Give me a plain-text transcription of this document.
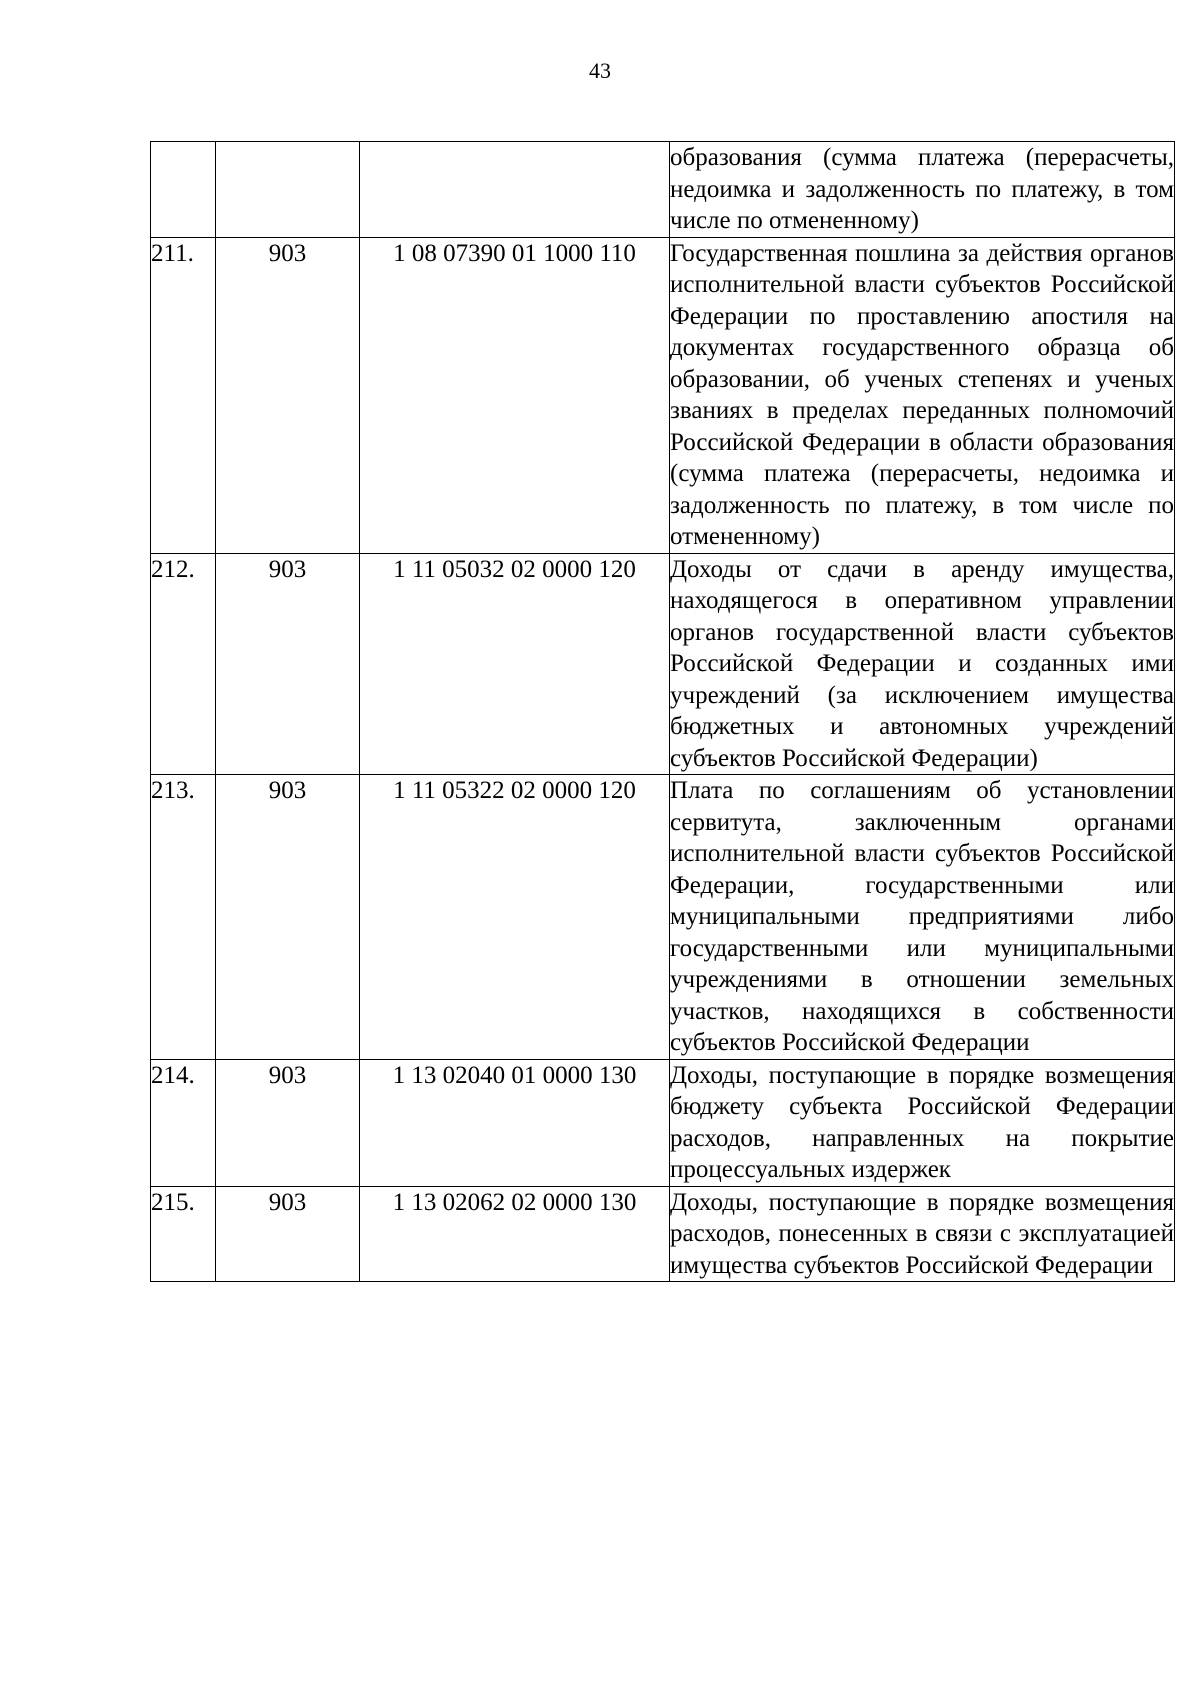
43
			образования (сумма платежа (перерасчеты, недоимка и задолженность по платежу, в том числе по отмененному)
211.	903	1 08 07390 01 1000 110	Государственная пошлина за действия органов исполнительной власти субъектов Российской Федерации по проставлению апостиля на документах государственного образца об образовании, об ученых степенях и ученых званиях в пределах переданных полномочий Российской Федерации в области образования (сумма платежа (перерасчеты, недоимка и задолженность по платежу, в том числе по отмененному)
212.	903	1 11 05032 02 0000 120	Доходы от сдачи в аренду имущества, находящегося в оперативном управлении органов государственной власти субъектов Российской Федерации и созданных ими учреждений (за исключением имущества бюджетных и автономных учреждений субъектов Российской Федерации)
213.	903	1 11 05322 02 0000 120	Плата по соглашениям об установлении сервитута, заключенным органами исполнительной власти субъектов Российской Федерации, государственными или муниципальными предприятиями либо государственными или муниципальными учреждениями в отношении земельных участков, находящихся в собственности субъектов Российской Федерации
214.	903	1 13 02040 01 0000 130	Доходы, поступающие в порядке возмещения бюджету субъекта Российской Федерации расходов, направленных на покрытие процессуальных издержек
215.	903	1 13 02062 02 0000 130	Доходы, поступающие в порядке возмещения расходов, понесенных в связи с эксплуатацией имущества субъектов Российской Федерации
